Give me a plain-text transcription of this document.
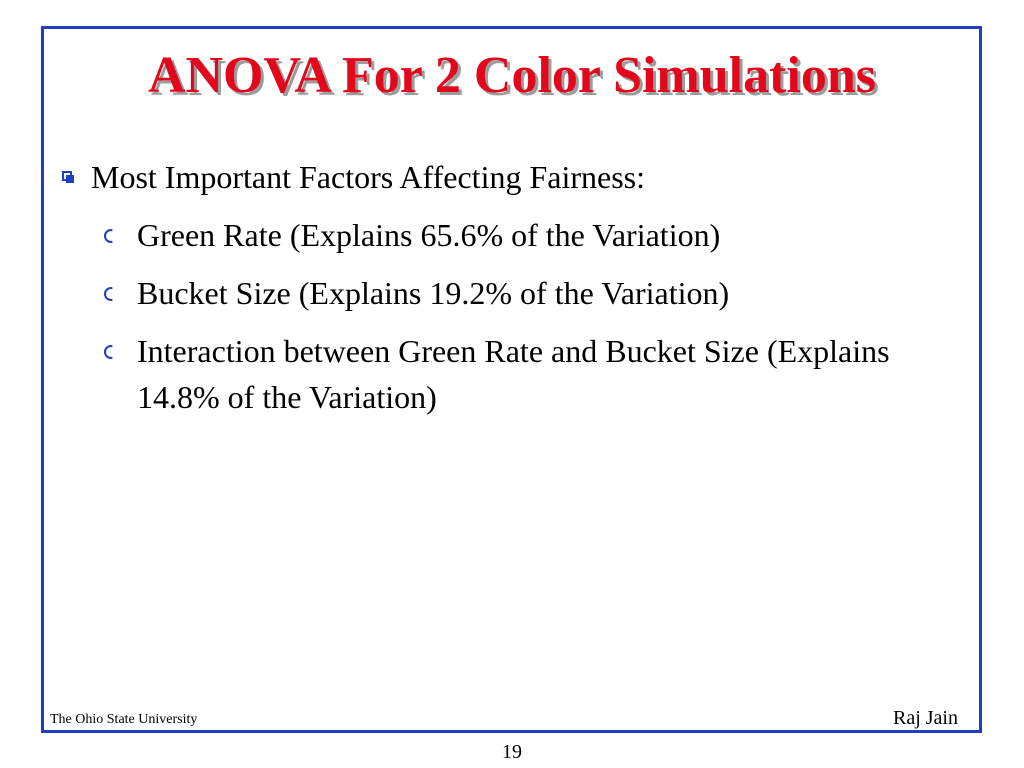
ANOVA For 2 Color Simulations
Most Important Factors Affecting Fairness:
Green Rate (Explains 65.6% of the Variation)
Bucket Size (Explains 19.2% of the Variation)
Interaction between Green Rate and Bucket Size (Explains 14.8% of the Variation)
The Ohio State University	Raj Jain
19
